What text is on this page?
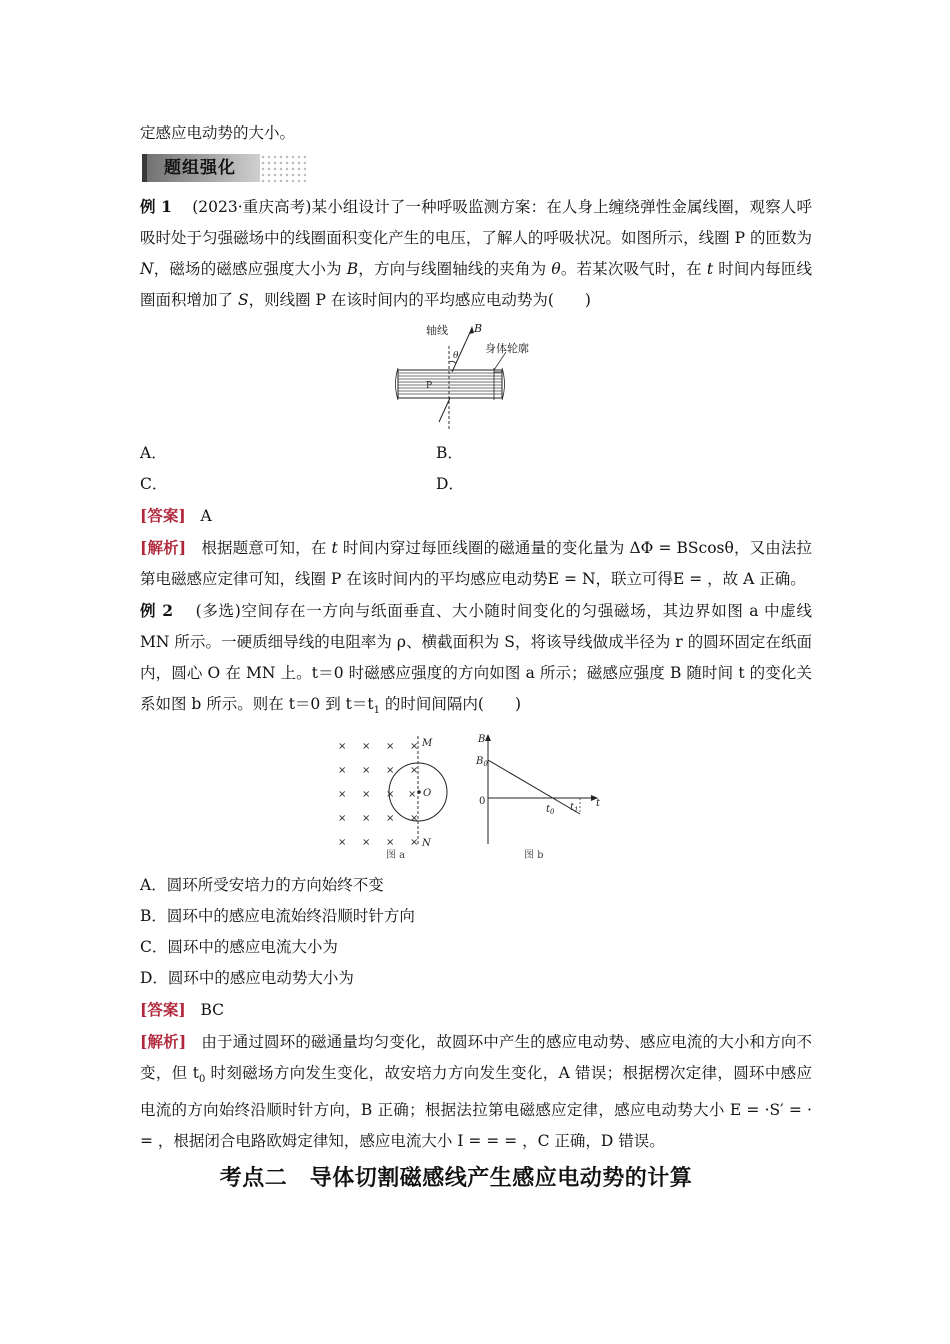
定感应电动势的大小。

题组强化

例 1 (2023·重庆高考)某小组设计了一种呼吸监测方案：在人身上缠绕弹性金属线圈，观察人呼吸时处于匀强磁场中的线圈面积变化产生的电压，了解人的呼吸状况。如图所示，线圈 P 的匝数为 N，磁场的磁感应强度大小为 B，方向与线圈轴线的夹角为 θ。若某次吸气时，在 t 时间内每匝线圈面积增加了 S，则线圈 P 在该时间内的平均感应电动势为(　　)

轴线 B
θ
身体轮廓
P

A．	B．

C．	D．

[答案] A

[解析] 根据题意可知，在 t 时间内穿过每匝线圈的磁通量的变化量为 ΔΦ = BScosθ，又由法拉第电磁感应定律可知，线圈 P 在该时间内的平均感应电动势E = N，联立可得E = ，故 A 正确。

例 2 (多选)空间存在一方向与纸面垂直、大小随时间变化的匀强磁场，其边界如图 a 中虚线 MN 所示。一硬质细导线的电阻率为 ρ、横截面积为 S，将该导线做成半径为 r 的圆环固定在纸面内，圆心 O 在 MN 上。t＝0 时磁感应强度的方向如图 a 所示；磁感应强度 B 随时间 t 的变化关系如图 b 所示。则在 t＝0 到 $t=t_1$ 的时间间隔内(　　)

× × × ×
× × × ×
× × × ×
× × × ×
× × × ×
M
N
O
图 a
B
$B_0$
0
$t_0$ $t_1$
t
图 b

A．圆环所受安培力的方向始终不变

B．圆环中的感应电流始终沿顺时针方向

C．圆环中的感应电流大小为

D．圆环中的感应电动势大小为

[答案] BC

[解析] 由于通过圆环的磁通量均匀变化，故圆环中产生的感应电动势、感应电流的大小和方向不变，但 $t_0$ 时刻磁场方向发生变化，故安培力方向发生变化，A 错误；根据楞次定律，圆环中感应电流的方向始终沿顺时针方向，B 正确；根据法拉第电磁感应定律，感应电动势大小 E = ·S′ = · = ，根据闭合电路欧姆定律知，感应电流大小 I = = = ，C 正确，D 错误。

考点二　导体切割磁感线产生感应电动势的计算
